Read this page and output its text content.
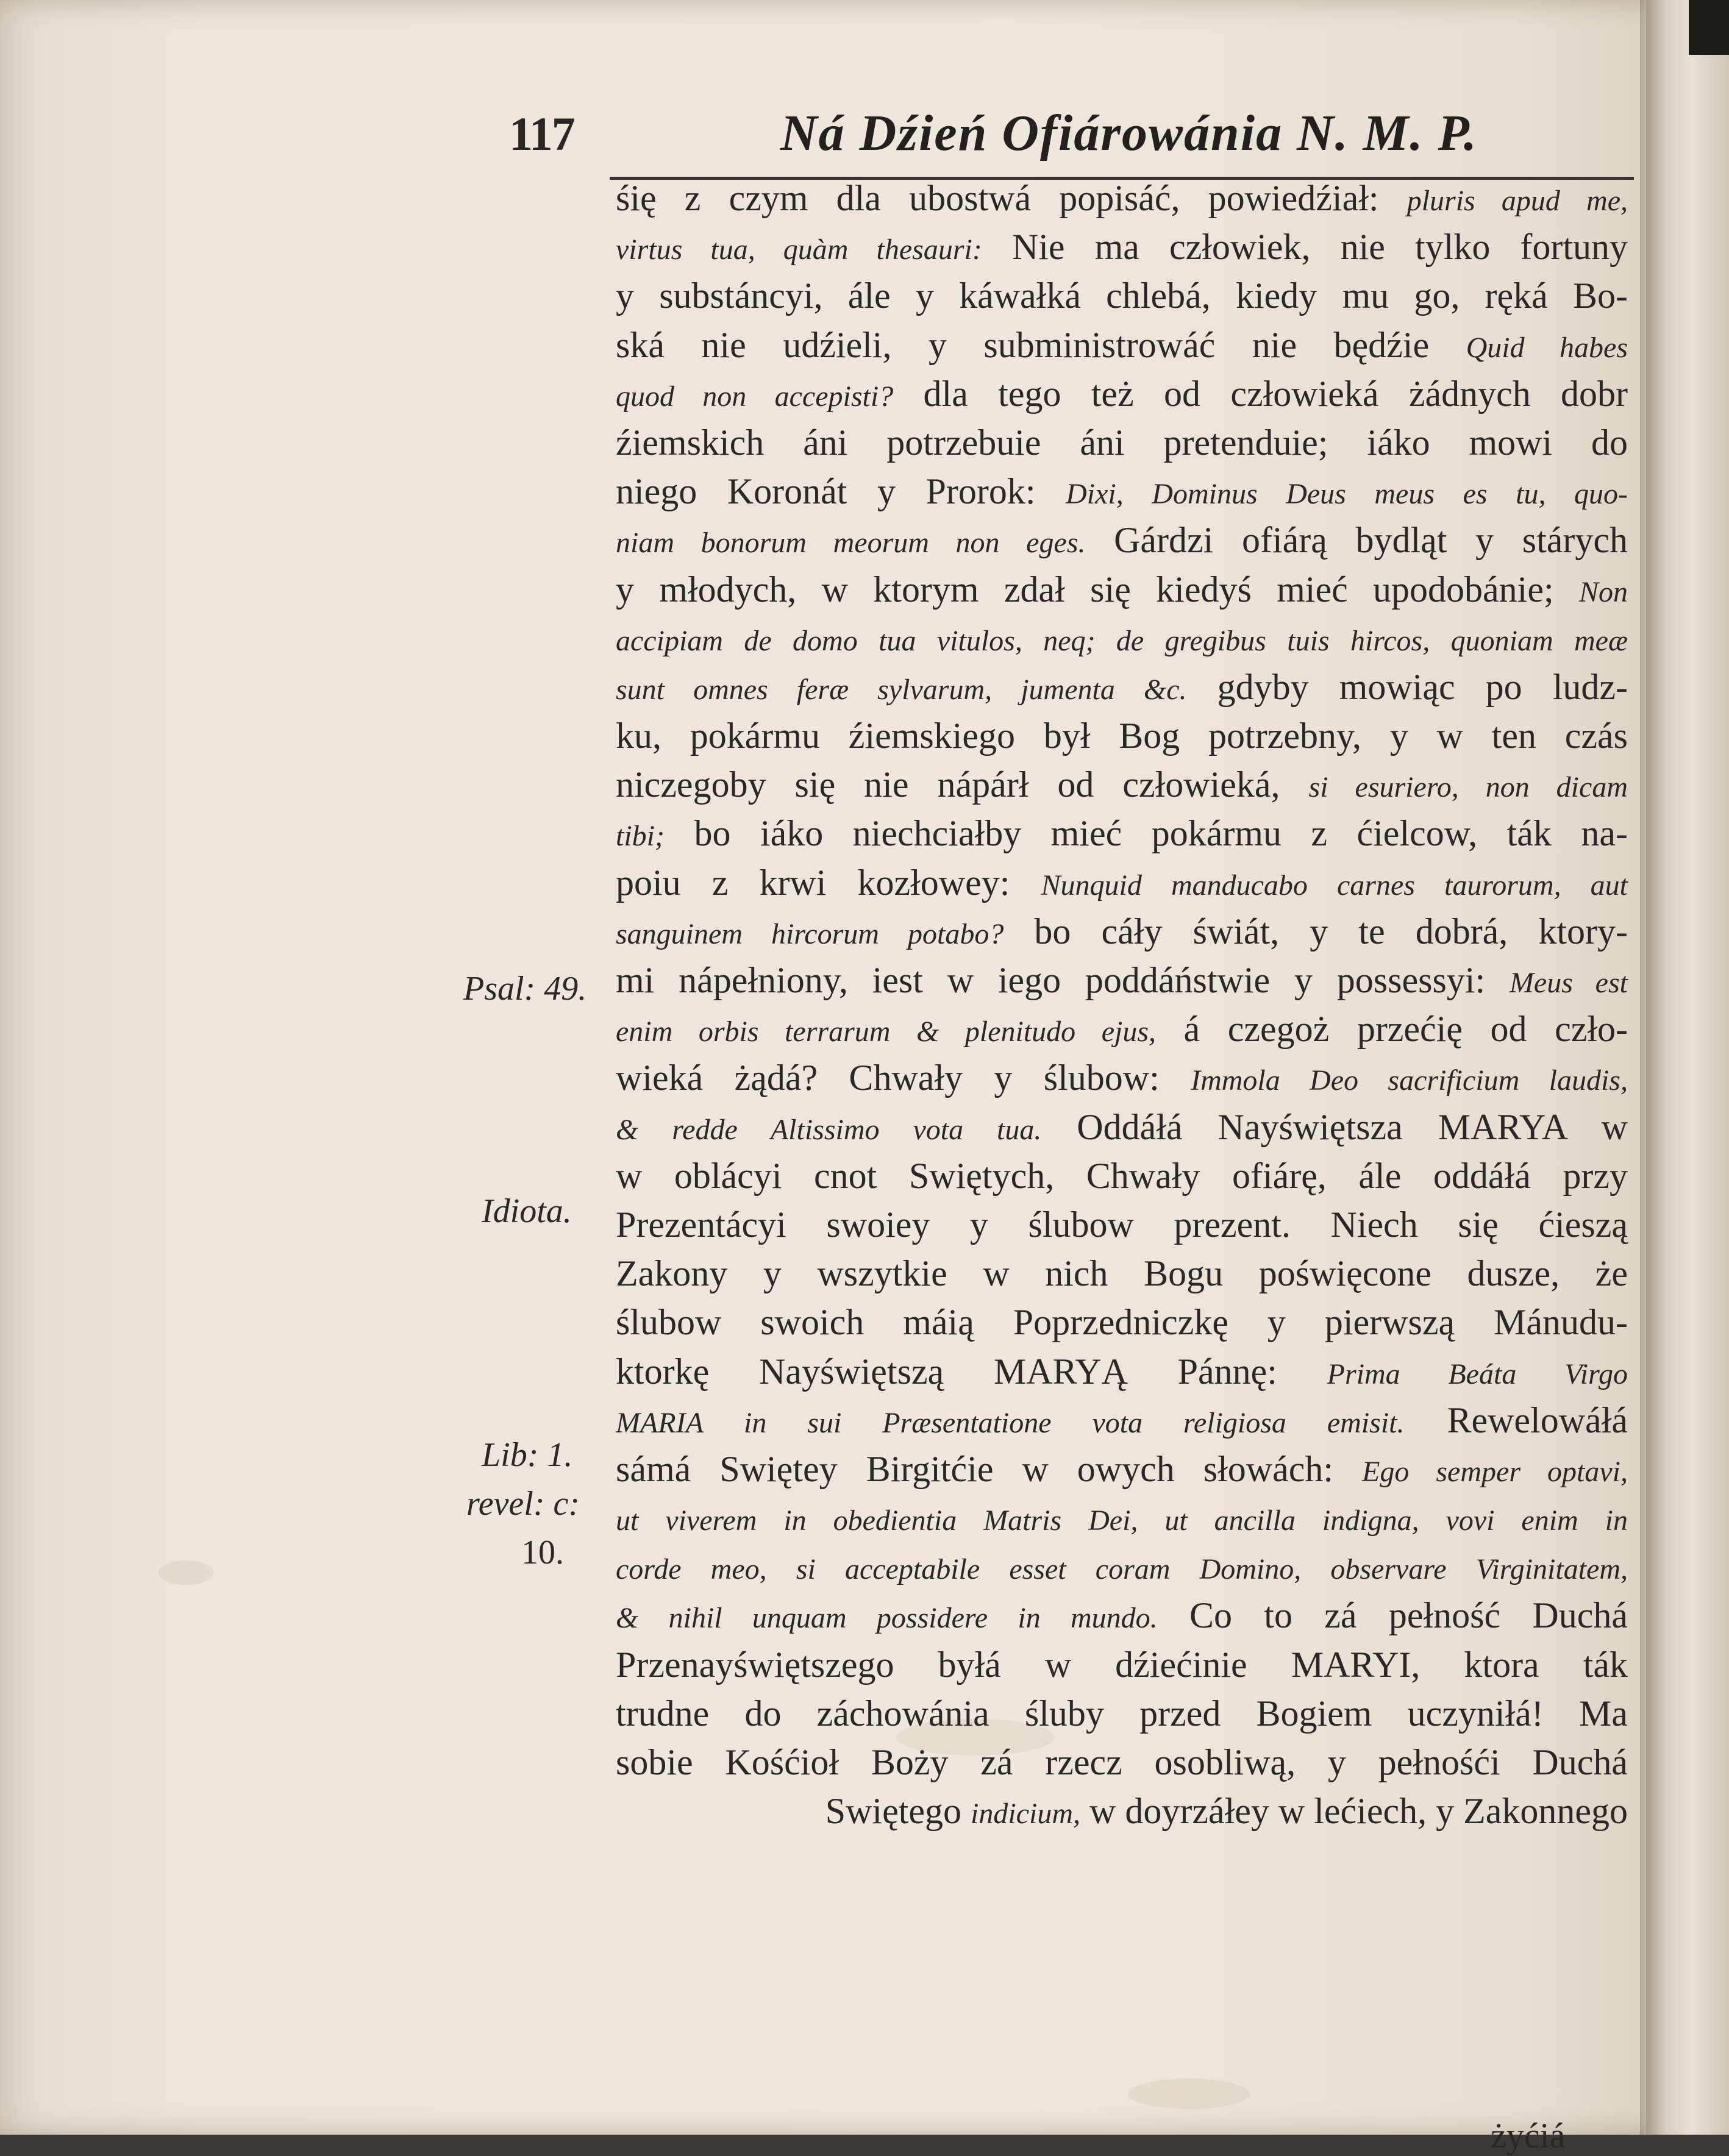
117	Ná Dźień Ofiárowánia N. M. P.
śię z czym dla ubostwá popisáć, powiedźiał: pluris apud me,
virtus tua, quàm thesauri: Nie ma człowiek, nie tylko fortuny
y substáncyi, ále y káwałká chlebá, kiedy mu go, ręká Bo-
ská nie udźieli, y subministrowáć nie będźie Quid habes
quod non accepisti? dla tego też od człowieká żádnych dobr
źiemskich áni potrzebuie áni pretenduie; iáko mowi do
niego Koronát y Prorok: Dixi, Dominus Deus meus es tu, quo-
niam bonorum meorum non eges. Gárdzi ofiárą bydląt y stárych
y młodych, w ktorym zdał się kiedyś mieć upodobánie; Non
accipiam de domo tua vitulos, neq; de gregibus tuis hircos, quoniam meæ
sunt omnes feræ sylvarum, jumenta &c. gdyby mowiąc po ludz-
ku, pokármu źiemskiego był Bog potrzebny, y w ten czás
niczegoby się nie nápárł od człowieká, si esuriero, non dicam
tibi; bo iáko niechciałby mieć pokármu z ćielcow, ták na-
poiu z krwi kozłowey: Nunquid manducabo carnes taurorum, aut
sanguinem hircorum potabo? bo cáły świát, y te dobrá, ktory-
mi nápełniony, iest w iego poddáństwie y possessyi: Meus est
enim orbis terrarum & plenitudo ejus, á czegoż przećię od czło-
wieká żądá? Chwały y ślubow: Immola Deo sacrificium laudis,
& redde Altissimo vota tua. Oddáłá Nayświętsza MARYA w
w oblácyi cnot Swiętych, Chwały ofiárę, ále oddáłá przy
Prezentácyi swoiey y ślubow prezent. Niech się ćieszą
Zakony y wszytkie w nich Bogu poświęcone dusze, że
ślubow swoich máią Poprzedniczkę y pierwszą Mánudu-
ktorkę Nayświętszą MARYĄ Pánnę: Prima Beáta Virgo
MARIA in sui Præsentatione vota religiosa emisit. Rewelowáłá
sámá Swiętey Birgitćie w owych słowách: Ego semper optavi,
ut viverem in obedientia Matris Dei, ut ancilla indigna, vovi enim in
corde meo, si acceptabile esset coram Domino, observare Virginitatem,
& nihil unquam possidere in mundo. Co to zá pełność Duchá
Przenayświętszego byłá w dźiećinie MARYI, ktora ták
trudne do záchowánia śluby przed Bogiem uczyniłá! Ma
sobie Kośćioł Boży zá rzecz osobliwą, y pełnośći Duchá
Swiętego indicium, w doyrzáłey w lećiech, y Zakonnego
Psal: 49.
Idiota.
Lib: 1.
revel: c:
10.
żyćiá
